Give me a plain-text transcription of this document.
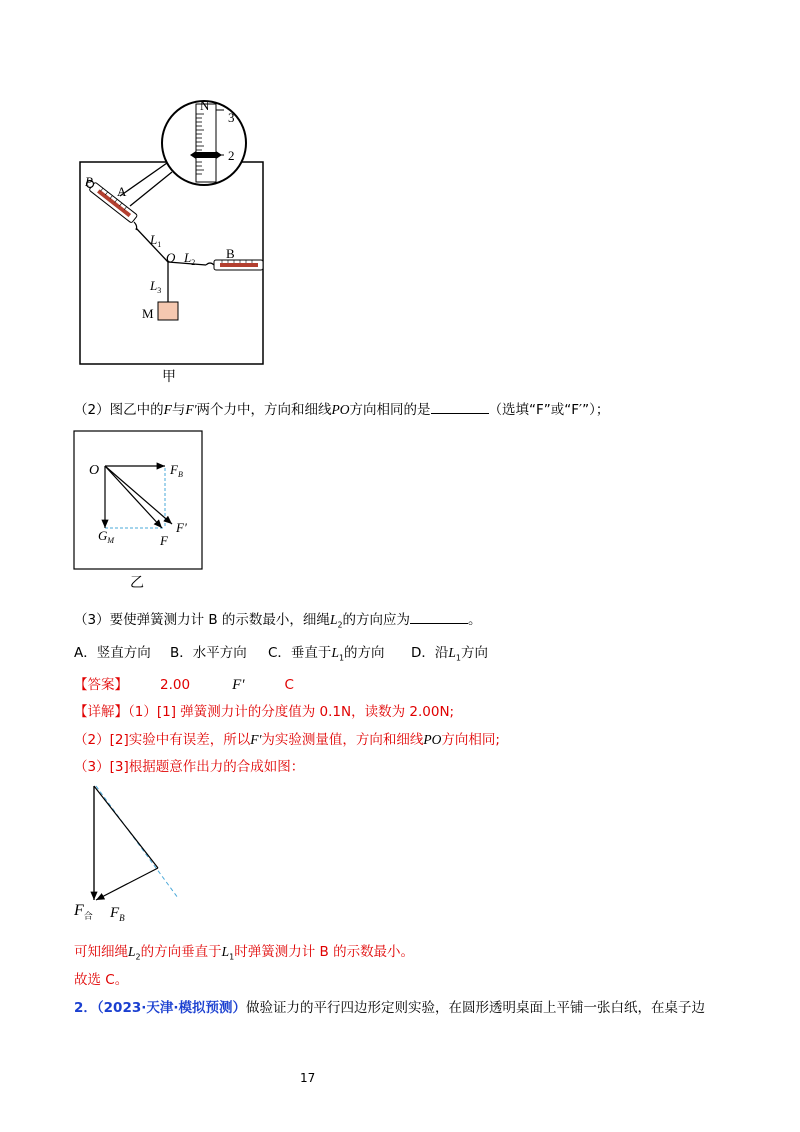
N
3
2
P
A
B
O
$L_1$
$L_2$
$L_3$
M
甲
（2）图乙中的F与F′两个力中，方向和细线PO方向相同的是	（选填“F”或“F′”）；
O	$F_B$
F′
F
$G_M$
乙
（3）要使弹簧测力计 B 的示数最小，细绳$L_2$的方向应为	。
A．竖直方向 B．水平方向 C．垂直于$L_1$的方向 D．沿$L_1$方向
【答案】 2.00	F′	C
【详解】（1）[1] 弹簧测力计的分度值为 0.1N，读数为 2.00N;
（2）[2]实验中有误差，所以F′为实验测量值，方向和细线PO方向相同;
（3）[3]根据题意作出力的合成如图：
$F_合$ $F_B$
可知细绳$L_2$的方向垂直于$L_1$时弹簧测力计 B 的示数最小。
故选 C。
2．（2023·天津·模拟预测）做验证力的平行四边形定则实验，在圆形透明桌面上平铺一张白纸，在桌子边
17
